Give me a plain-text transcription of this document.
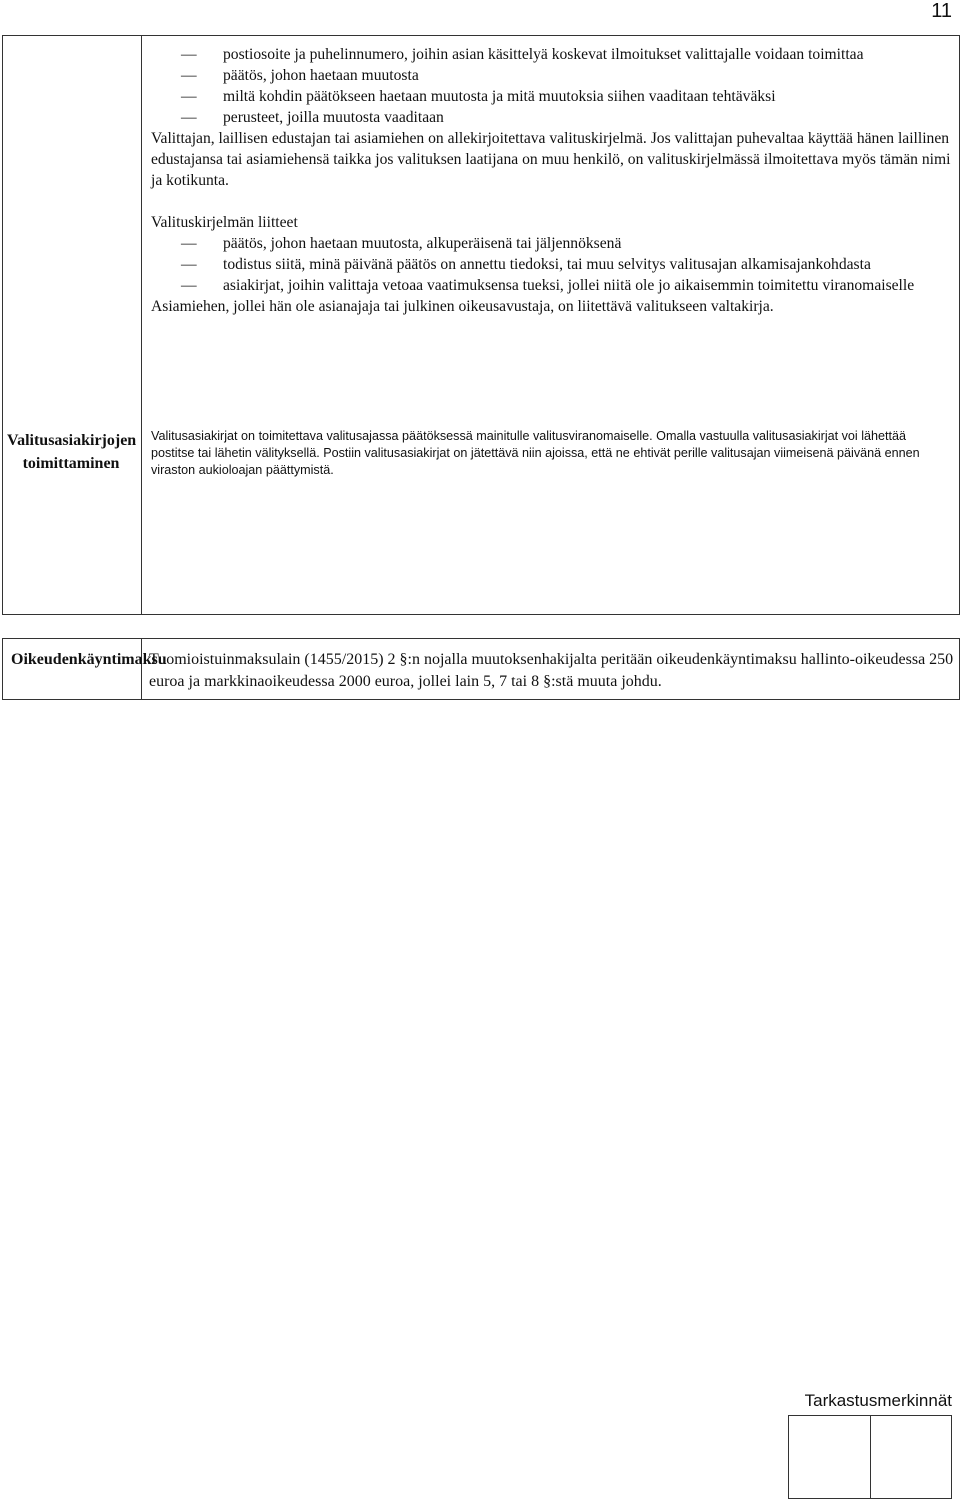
11
—
postiosoite ja puhelinnumero, joihin asian käsittelyä koskevat ilmoitukset valittajalle voidaan toimittaa
—
päätös, johon haetaan muutosta
—
miltä kohdin päätökseen haetaan muutosta ja mitä muutoksia siihen vaaditaan tehtäväksi
—
perusteet, joilla muutosta vaaditaan

Valittajan, laillisen edustajan tai asiamiehen on allekirjoitettava valituskirjelmä. Jos valittajan puhevaltaa käyttää hänen laillinen edustajansa tai asiamiehensä taikka jos valituksen laatijana on muu henkilö, on valituskirjelmässä ilmoitettava myös tämän nimi ja kotikunta.

Valituskirjelmän liitteet

—
päätös, johon haetaan muutosta, alkuperäisenä tai jäljennöksenä
—
todistus siitä, minä päivänä päätös on annettu tiedoksi, tai muu selvitys valitusajan alkamisajankohdasta
—
asiakirjat, joihin valittaja vetoaa vaatimuksensa tueksi, jollei niitä ole jo aikaisemmin toimitettu viranomaiselle

Asiamiehen, jollei hän ole asianajaja tai julkinen oikeusavustaja, on liitettävä valitukseen valtakirja.

Valitusasiakirjojen toimittaminen
Valitusasiakirjat on toimitettava valitusajassa päätöksessä mainitulle valitusviranomaiselle. Omalla vastuulla valitusasiakirjat voi lähettää postitse tai lähetin välityksellä. Postiin valitusasiakirjat on jätettävä niin ajoissa, että ne ehtivät perille valitusajan viimeisenä päivänä ennen viraston aukioloajan päättymistä.
Oikeudenkäyntimaksu
Tuomioistuinmaksulain (1455/2015) 2 §:n nojalla muutoksenhakijalta peritään oikeudenkäyntimaksu hallinto-oikeudessa 250 euroa ja markkinaoikeudessa 2000 euroa, jollei lain 5, 7 tai 8 §:stä muuta johdu.
Tarkastusmerkinnät
